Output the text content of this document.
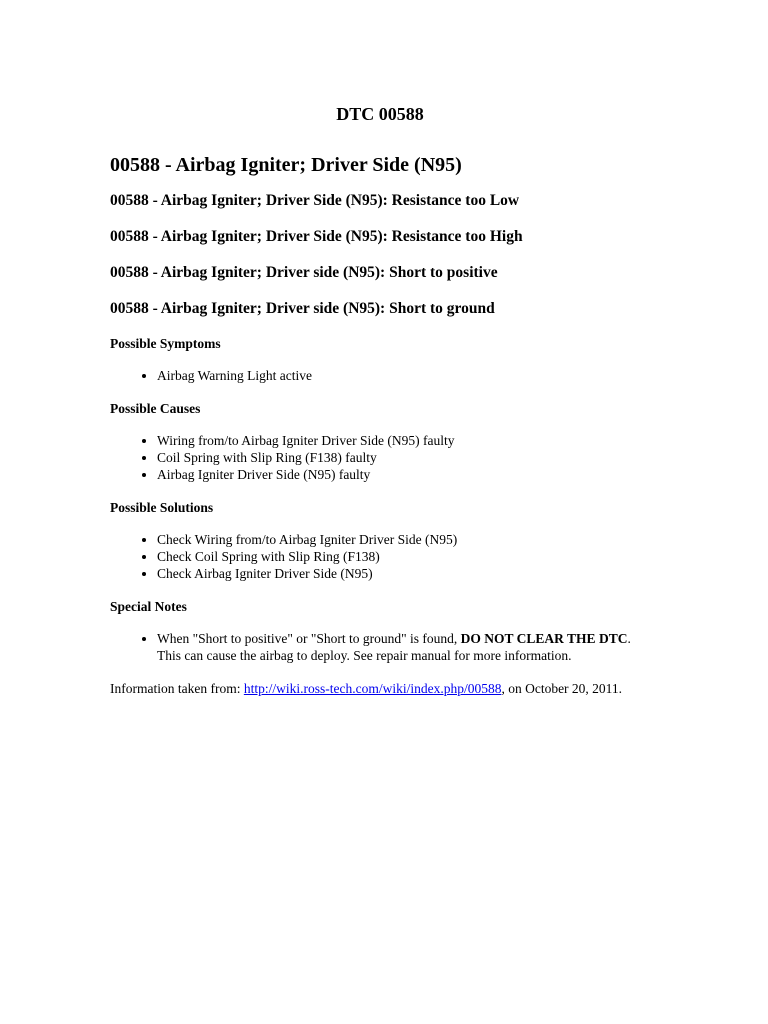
DTC 00588
00588 - Airbag Igniter; Driver Side (N95)
00588 - Airbag Igniter; Driver Side (N95): Resistance too Low
00588 - Airbag Igniter; Driver Side (N95): Resistance too High
00588 - Airbag Igniter; Driver side (N95): Short to positive
00588 - Airbag Igniter; Driver side (N95): Short to ground
Possible Symptoms
• Airbag Warning Light active
Possible Causes
• Wiring from/to Airbag Igniter Driver Side (N95) faulty
• Coil Spring with Slip Ring (F138) faulty
• Airbag Igniter Driver Side (N95) faulty
Possible Solutions
• Check Wiring from/to Airbag Igniter Driver Side (N95)
• Check Coil Spring with Slip Ring (F138)
• Check Airbag Igniter Driver Side (N95)
Special Notes
• When "Short to positive" or "Short to ground" is found, DO NOT CLEAR THE DTC. This can cause the airbag to deploy. See repair manual for more information.
Information taken from: http://wiki.ross-tech.com/wiki/index.php/00588, on October 20, 2011.
